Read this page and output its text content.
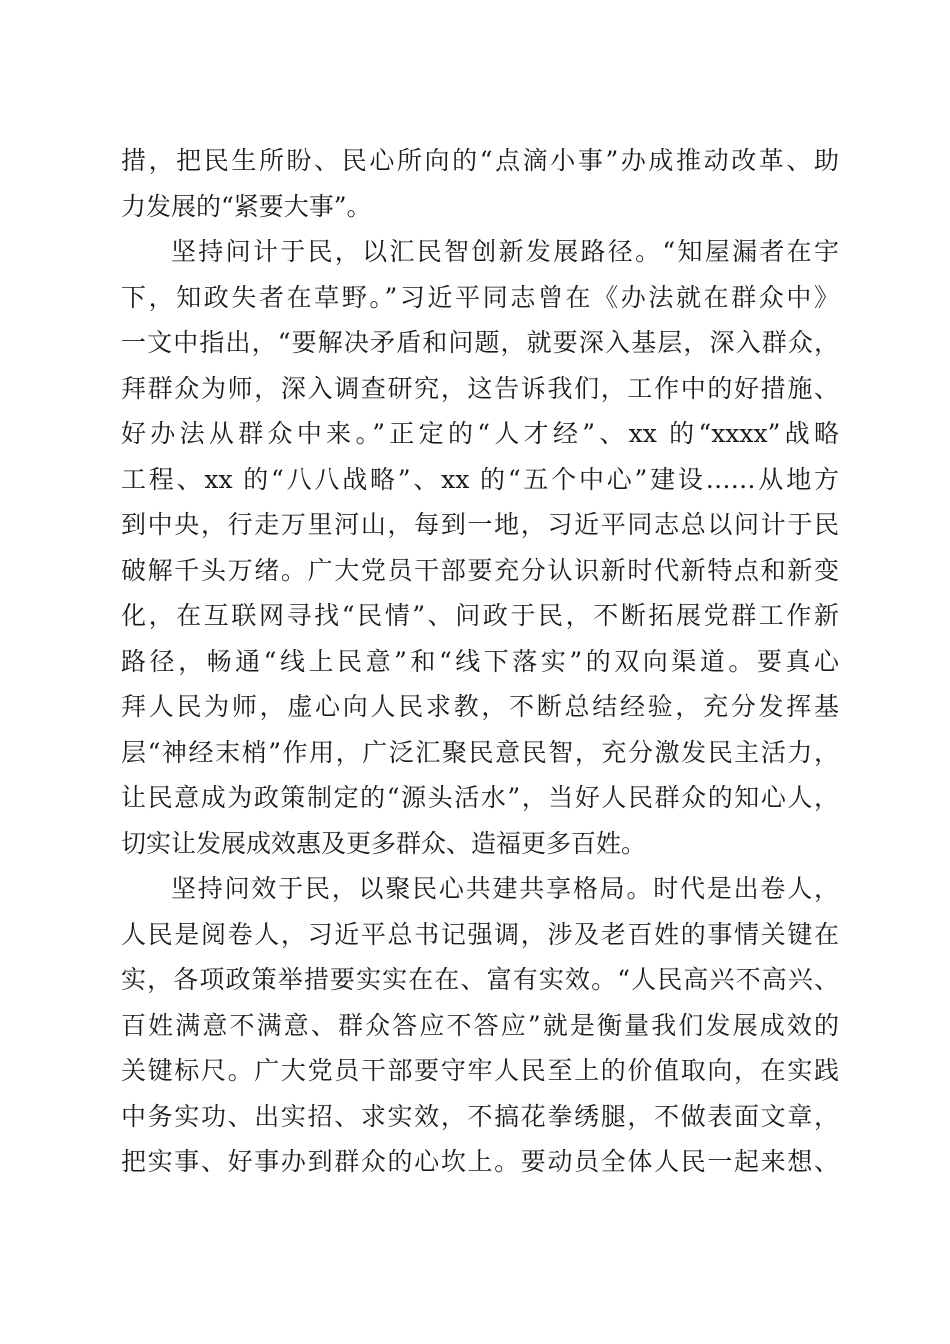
措，把民生所盼、民心所向的“点滴小事”办成推动改革、助
力发展的“紧要大事”。
坚持问计于民，以汇民智创新发展路径。“知屋漏者在宇
下，知政失者在草野。”习近平同志曾在《办法就在群众中》
一文中指出，“要解决矛盾和问题，就要深入基层，深入群众，
拜群众为师，深入调查研究，这告诉我们，工作中的好措施、
好办法从群众中来。”正定的“人才经”、xx 的“xxxx”战略
工程、xx 的“八八战略”、xx 的“五个中心”建设……从地方
到中央，行走万里河山，每到一地，习近平同志总以问计于民
破解千头万绪。广大党员干部要充分认识新时代新特点和新变
化，在互联网寻找“民情”、问政于民，不断拓展党群工作新
路径，畅通“线上民意”和“线下落实”的双向渠道。要真心
拜人民为师，虚心向人民求教，不断总结经验，充分发挥基
层“神经末梢”作用，广泛汇聚民意民智，充分激发民主活力，
让民意成为政策制定的“源头活水”，当好人民群众的知心人，
切实让发展成效惠及更多群众、造福更多百姓。
坚持问效于民，以聚民心共建共享格局。时代是出卷人，
人民是阅卷人，习近平总书记强调，涉及老百姓的事情关键在
实，各项政策举措要实实在在、富有实效。“人民高兴不高兴、
百姓满意不满意、群众答应不答应”就是衡量我们发展成效的
关键标尺。广大党员干部要守牢人民至上的价值取向，在实践
中务实功、出实招、求实效，不搞花拳绣腿，不做表面文章，
把实事、好事办到群众的心坎上。要动员全体人民一起来想、
